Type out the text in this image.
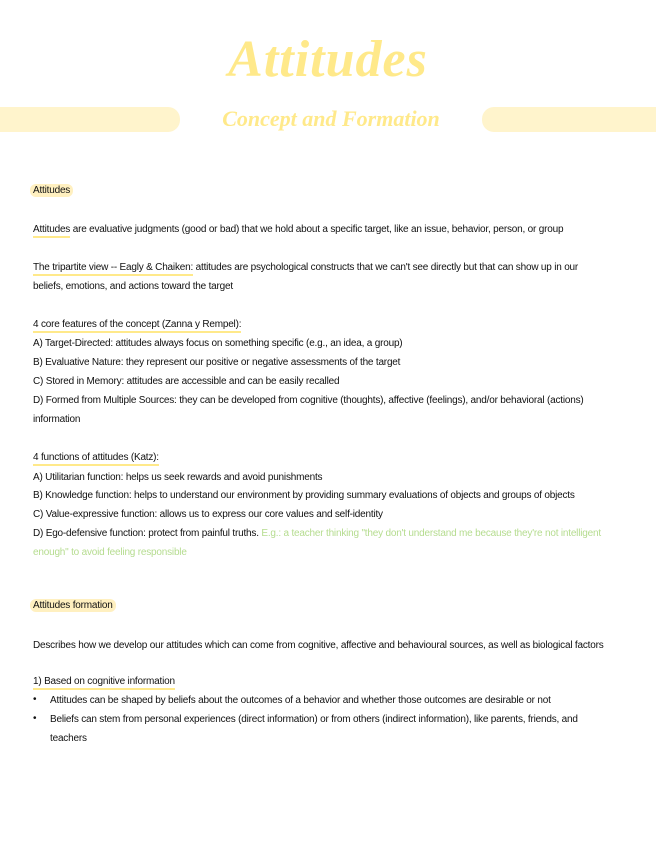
Attitudes
Concept and Formation
Attitudes
Attitudes are evaluative judgments (good or bad) that we hold about a specific target, like an issue, behavior, person, or group
The tripartite view -- Eagly & Chaiken: attitudes are psychological constructs that we can't see directly but that can show up in our
beliefs, emotions, and actions toward the target
4 core features of the concept (Zanna y Rempel):
A) Target-Directed: attitudes always focus on something specific (e.g., an idea, a group)
B) Evaluative Nature: they represent our positive or negative assessments of the target
C) Stored in Memory: attitudes are accessible and can be easily recalled
D) Formed from Multiple Sources: they can be developed from cognitive (thoughts), affective (feelings), and/or behavioral (actions)
information
4 functions of attitudes (Katz):
A) Utilitarian function: helps us seek rewards and avoid punishments
B) Knowledge function: helps to understand our environment by providing summary evaluations of objects and groups of objects
C) Value-expressive function: allows us to express our core values and self-identity
D) Ego-defensive function: protect from painful truths. E.g.: a teacher thinking "they don't understand me because they're not intelligent
enough" to avoid feeling responsible
Attitudes formation
Describes how we develop our attitudes which can come from cognitive, affective and behavioural sources, as well as biological factors
1) Based on cognitive information
• Attitudes can be shaped by beliefs about the outcomes of a behavior and whether those outcomes are desirable or not
• Beliefs can stem from personal experiences (direct information) or from others (indirect information), like parents, friends, and
teachers
